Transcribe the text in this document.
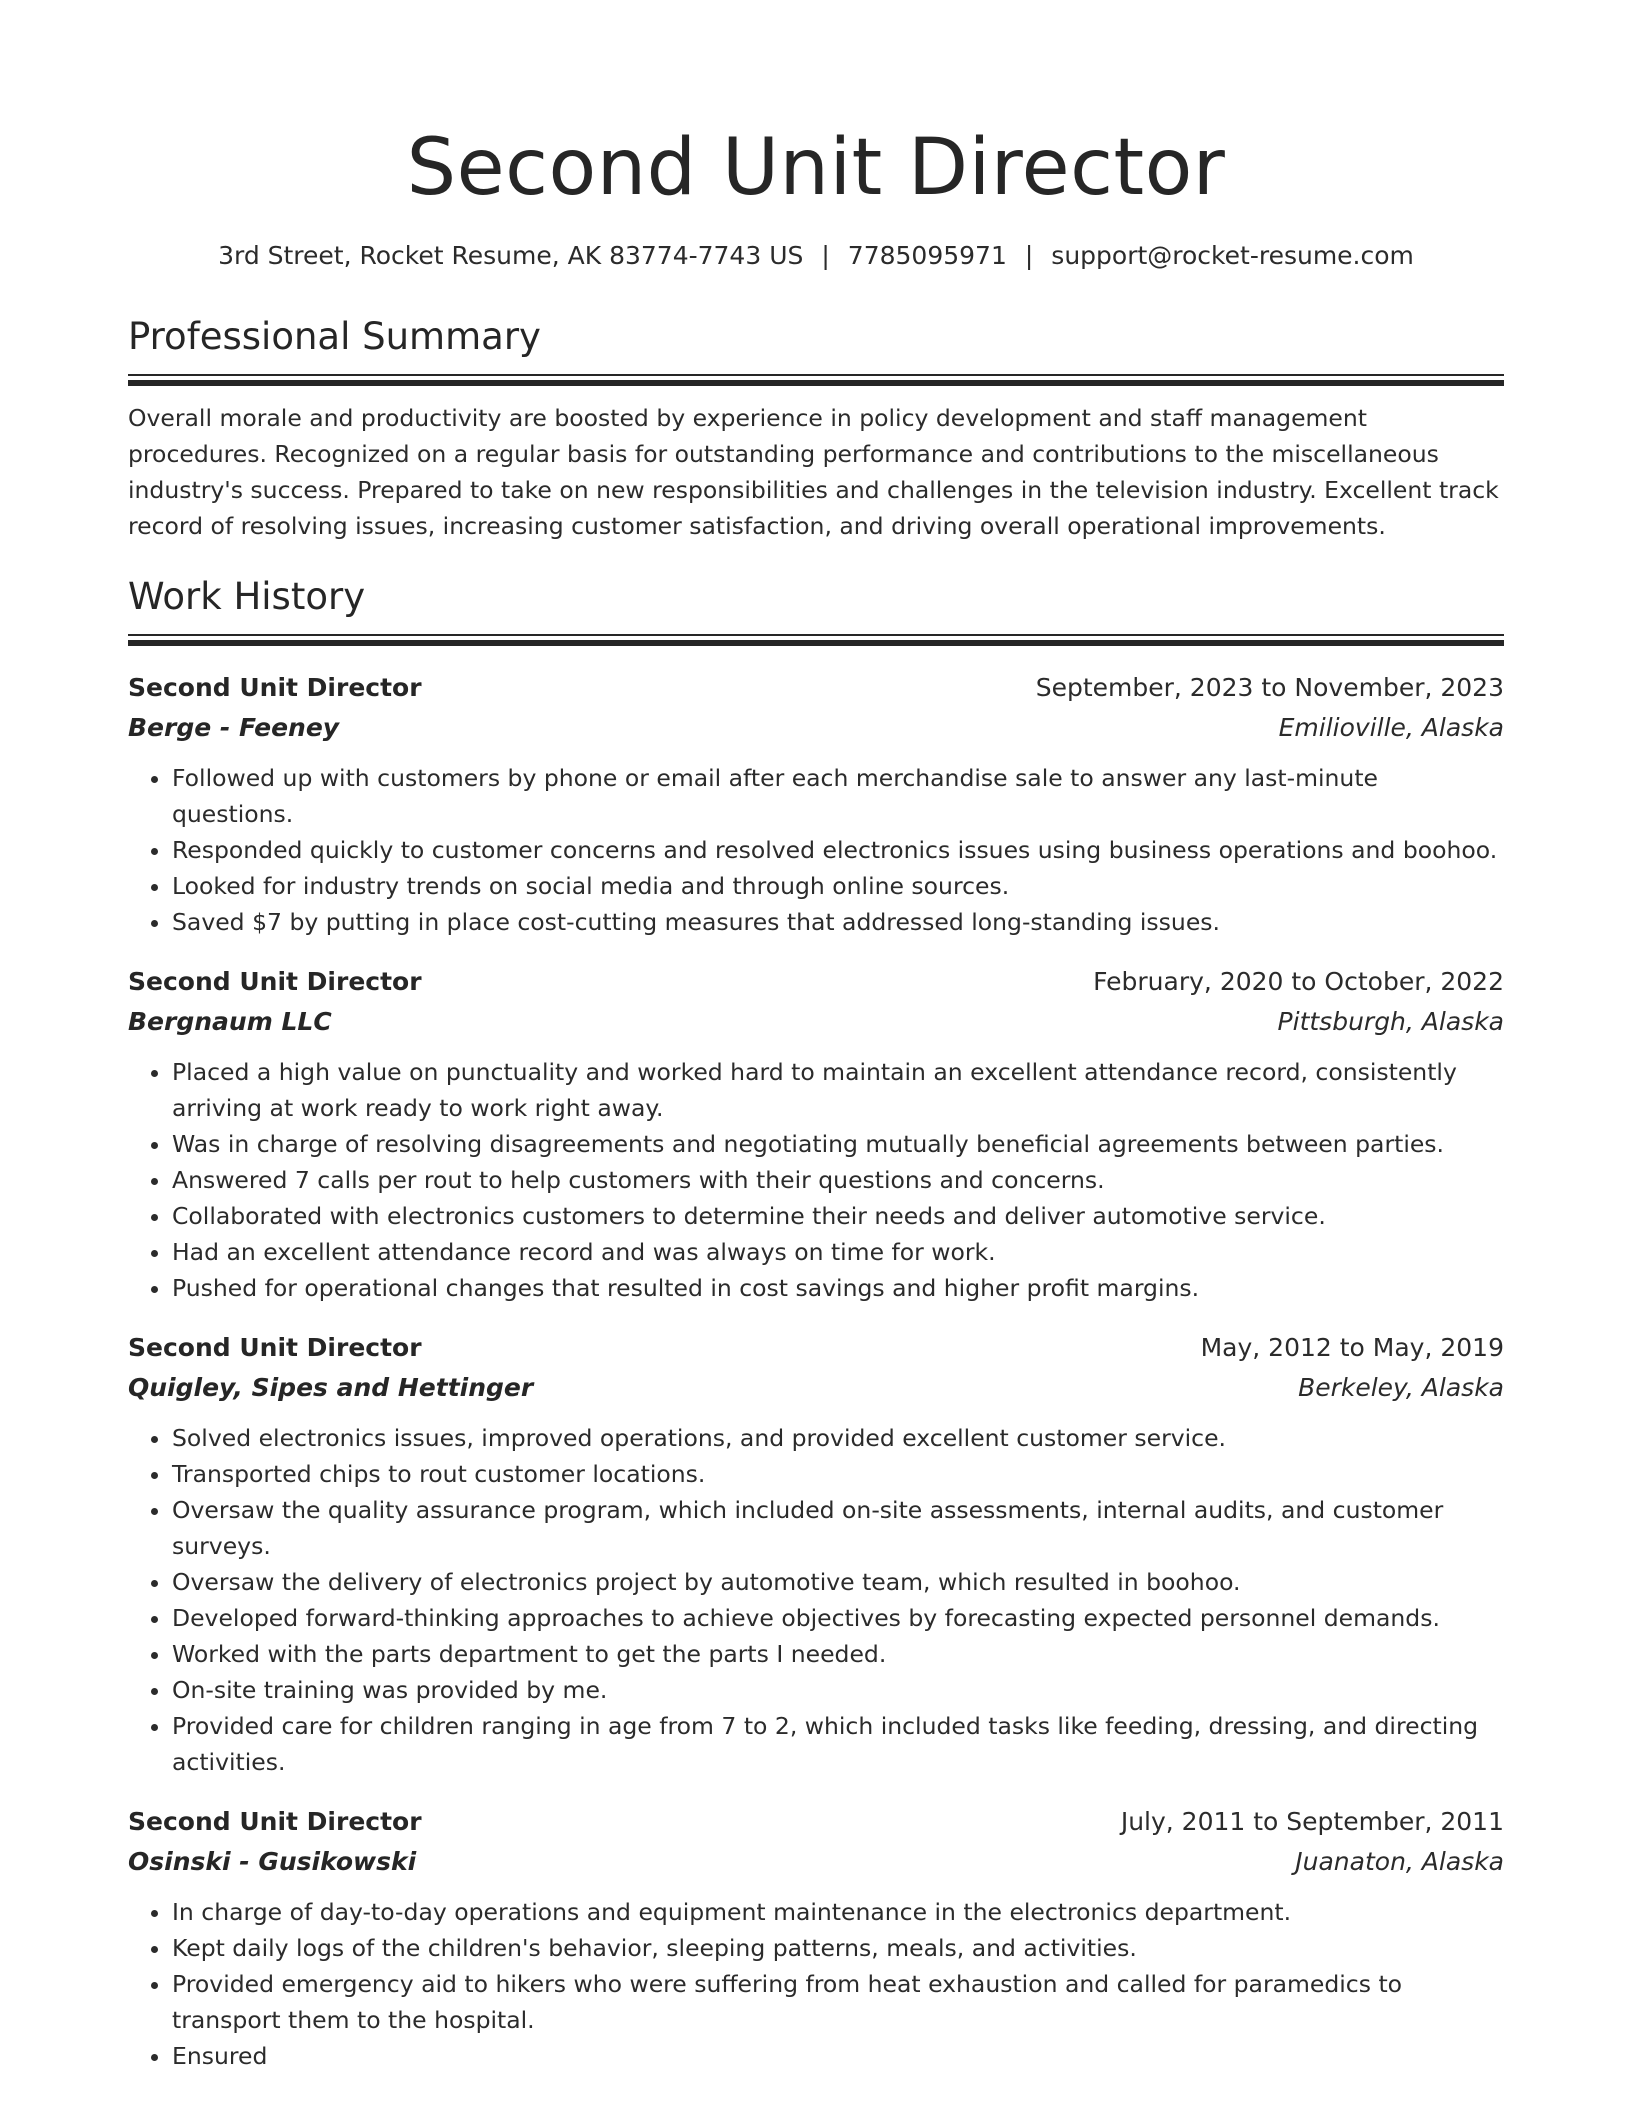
Second Unit Director
3rd Street, Rocket Resume, AK 83774-7743 US | 7785095971 | support@rocket-resume.com
Professional Summary

Overall morale and productivity are boosted by experience in policy development and staff management procedures. Recognized on a regular basis for outstanding performance and contributions to the miscellaneous industry's success. Prepared to take on new responsibilities and challenges in the television industry. Excellent track record of resolving issues, increasing customer satisfaction, and driving overall operational improvements.

Work History
Second Unit Director	September, 2023 to November, 2023
Berge - Feeney	Emilioville, Alaska
• Followed up with customers by phone or email after each merchandise sale to answer any last-minute questions.
• Responded quickly to customer concerns and resolved electronics issues using business operations and boohoo.
• Looked for industry trends on social media and through online sources.
• Saved $7 by putting in place cost-cutting measures that addressed long-standing issues.
Second Unit Director	February, 2020 to October, 2022
Bergnaum LLC	Pittsburgh, Alaska
• Placed a high value on punctuality and worked hard to maintain an excellent attendance record, consistently arriving at work ready to work right away.
• Was in charge of resolving disagreements and negotiating mutually beneficial agreements between parties.
• Answered 7 calls per rout to help customers with their questions and concerns.
• Collaborated with electronics customers to determine their needs and deliver automotive service.
• Had an excellent attendance record and was always on time for work.
• Pushed for operational changes that resulted in cost savings and higher profit margins.
Second Unit Director	May, 2012 to May, 2019
Quigley, Sipes and Hettinger	Berkeley, Alaska
• Solved electronics issues, improved operations, and provided excellent customer service.
• Transported chips to rout customer locations.
• Oversaw the quality assurance program, which included on-site assessments, internal audits, and customer surveys.
• Oversaw the delivery of electronics project by automotive team, which resulted in boohoo.
• Developed forward-thinking approaches to achieve objectives by forecasting expected personnel demands.
• Worked with the parts department to get the parts I needed.
• On-site training was provided by me.
• Provided care for children ranging in age from 7 to 2, which included tasks like feeding, dressing, and directing activities.
Second Unit Director	July, 2011 to September, 2011
Osinski - Gusikowski	Juanaton, Alaska
• In charge of day-to-day operations and equipment maintenance in the electronics department.
• Kept daily logs of the children's behavior, sleeping patterns, meals, and activities.
• Provided emergency aid to hikers who were suffering from heat exhaustion and called for paramedics to transport them to the hospital.
• Ensured
